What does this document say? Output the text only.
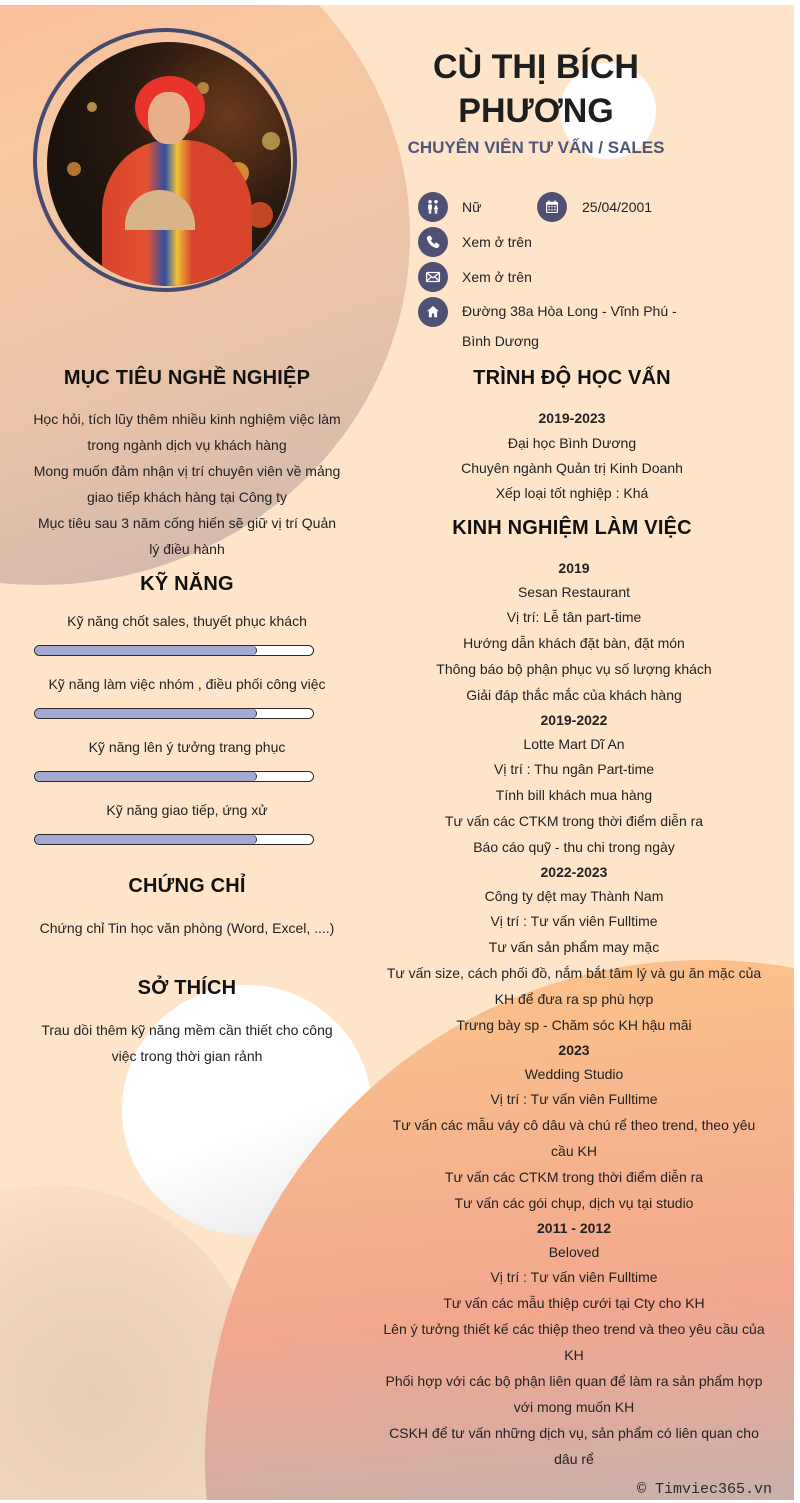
CÙ THỊ BÍCH
PHƯƠNG
CHUYÊN VIÊN TƯ VẤN / SALES
Nữ	25/04/2001
Xem ở trên
Xem ở trên
Đường 38a Hòa Long - Vĩnh Phú -
Bình Dương
MỤC TIÊU NGHỀ NGHIỆP
Học hỏi, tích lũy thêm nhiều kinh nghiệm việc làm
trong ngành dịch vụ khách hàng
Mong muốn đảm nhận vị trí chuyên viên về mảng
giao tiếp khách hàng tại Công ty
Mục tiêu sau 3 năm cống hiến sẽ giữ vị trí Quản
lý điều hành
KỸ NĂNG
Kỹ năng chốt sales, thuyết phục khách
Kỹ năng làm việc nhóm , điều phối công việc
Kỹ năng lên ý tưởng trang phục
Kỹ năng giao tiếp, ứng xử
CHỨNG CHỈ
Chứng chỉ Tin học văn phòng (Word, Excel, ....)
SỞ THÍCH
Trau dồi thêm kỹ năng mềm cần thiết cho công
việc trong thời gian rảnh
TRÌNH ĐỘ HỌC VẤN
2019-2023
Đại học Bình Dương
Chuyên ngành Quản trị Kinh Doanh
Xếp loại tốt nghiệp : Khá
KINH NGHIỆM LÀM VIỆC
2019
Sesan Restaurant
Vị trí: Lễ tân part-time
Hướng dẫn khách đặt bàn, đặt món
Thông báo bộ phận phục vụ số lượng khách
Giải đáp thắc mắc của khách hàng
2019-2022
Lotte Mart Dĩ An
Vị trí : Thu ngân Part-time
Tính bill khách mua hàng
Tư vấn các CTKM trong thời điểm diễn ra
Báo cáo quỹ - thu chi trong ngày
2022-2023
Công ty dệt may Thành Nam
Vị trí : Tư vấn viên Fulltime
Tư vấn sản phẩm may mặc
Tư vấn size, cách phối đồ, nắm bắt tâm lý và gu ăn mặc của
KH để đưa ra sp phù hợp
Trưng bày sp - Chăm sóc KH hậu mãi
2023
Wedding Studio
Vị trí : Tư vấn viên Fulltime
Tư vấn các mẫu váy cô dâu và chú rể theo trend, theo yêu
cầu KH
Tư vấn các CTKM trong thời điểm diễn ra
Tư vấn các gói chụp, dịch vụ tại studio
2011 - 2012
Beloved
Vị trí : Tư vấn viên Fulltime
Tư vấn các mẫu thiệp cưới tại Cty cho KH
Lên ý tưởng thiết kế các thiệp theo trend và theo yêu cầu của
KH
Phối hợp với các bộ phận liên quan để làm ra sản phẩm hợp
với mong muốn KH
CSKH để tư vấn những dịch vụ, sản phẩm có liên quan cho
dâu rể
© Timviec365.vn
